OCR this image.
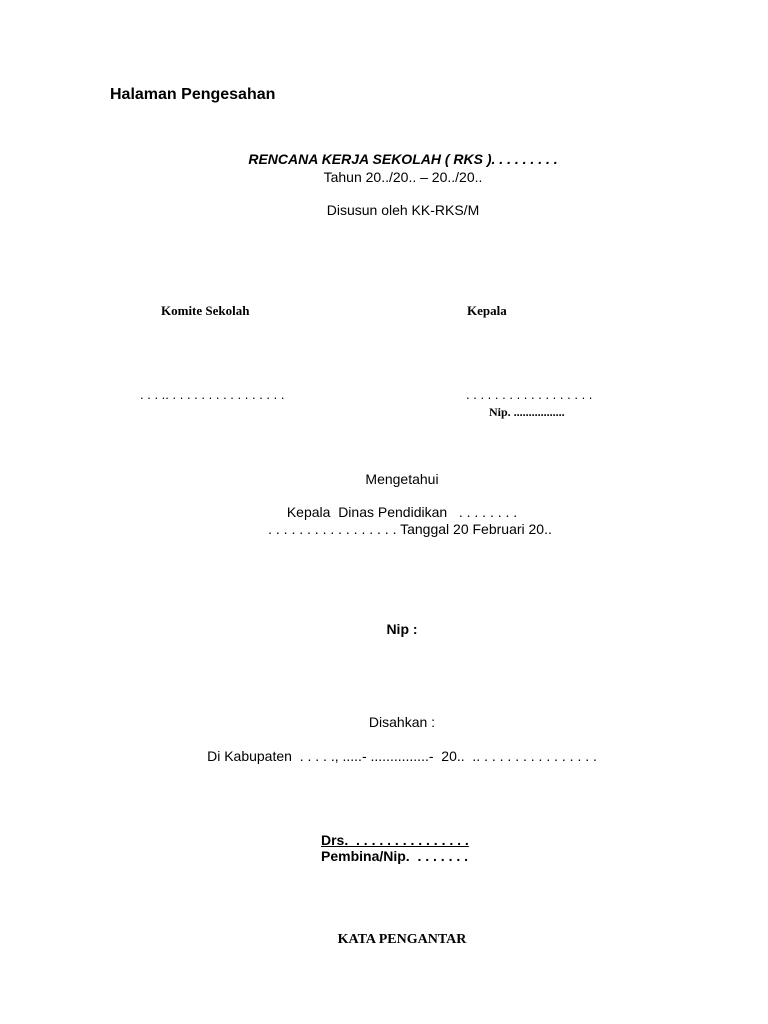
Halaman Pengesahan
RENCANA KERJA SEKOLAH ( RKS ). . . . . . . . .
Tahun 20../20.. – 20../20..
Disusun oleh KK-RKS/M
Komite Sekolah	Kepala
. . . .. . . . . . . . . . . . . . . . .	. . . . . . . . . . . . . . . . . .
Nip. .................
Mengetahui
Kepala  Dinas Pendidikan   . . . . . . . .
. . . . . . . . . . . . . . . . . Tanggal 20 Februari 20..
Nip :
Disahkan :
Di Kabupaten  . . . . ., .....- ...............-  20..  .. . . . . . . . . . . . . . . .
Drs.  . . . . . . . . . . . . . . .
Pembina/Nip.  . . . . . . .
KATA PENGANTAR
